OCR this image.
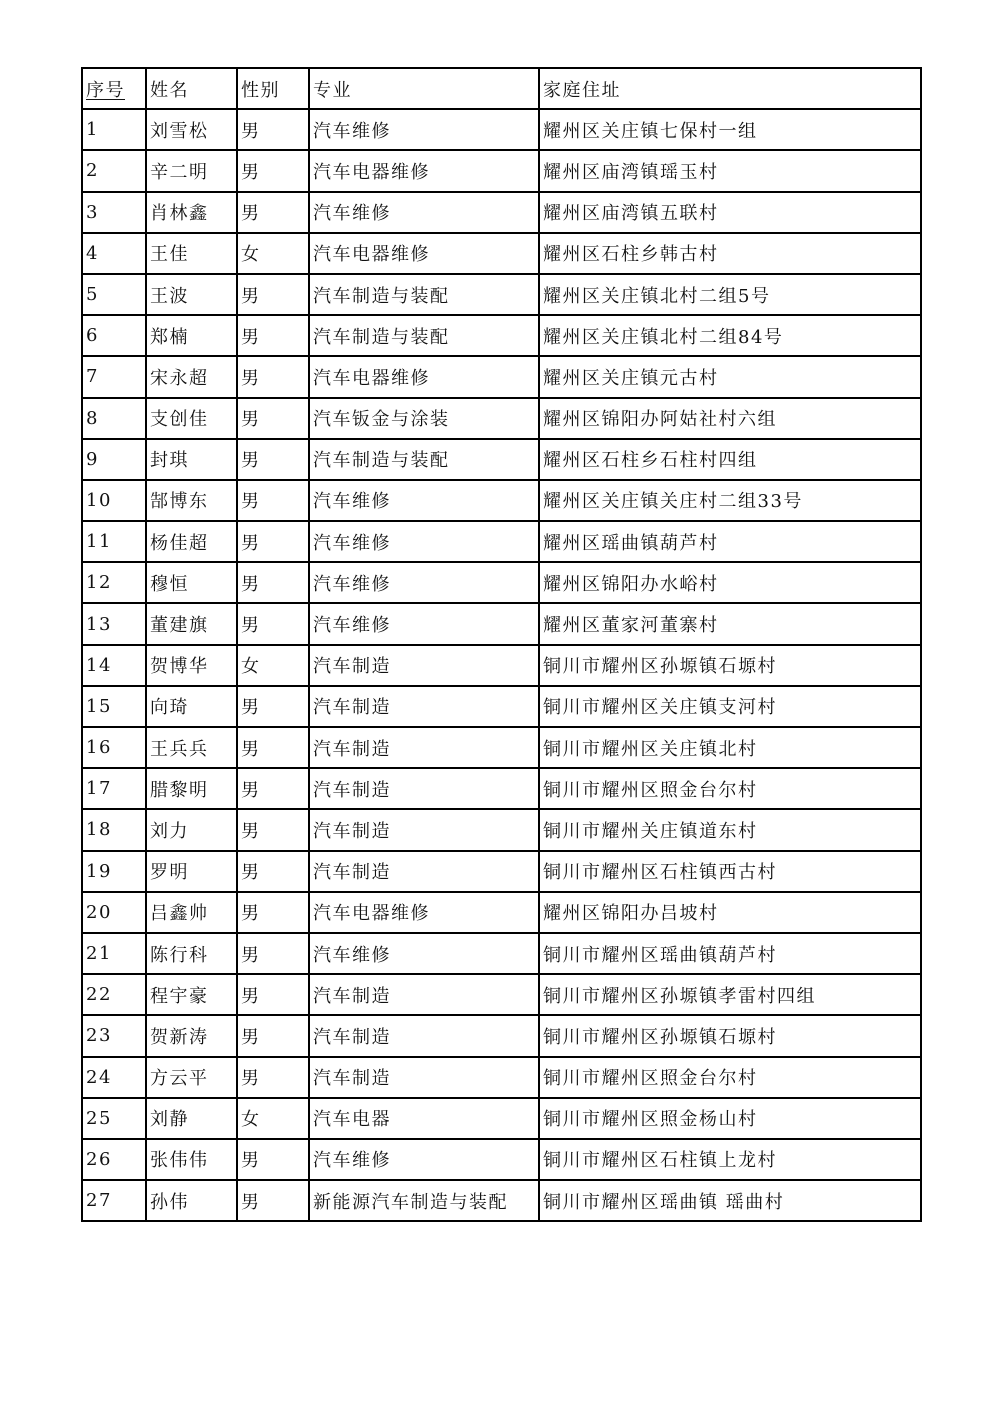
序号	姓名	性别	专业	家庭住址
1	刘雪松	男	汽车维修	耀州区关庄镇七保村一组
2	辛二明	男	汽车电器维修	耀州区庙湾镇瑶玉村
3	肖林鑫	男	汽车维修	耀州区庙湾镇五联村
4	王佳	女	汽车电器维修	耀州区石柱乡韩古村
5	王波	男	汽车制造与装配	耀州区关庄镇北村二组5号
6	郑楠	男	汽车制造与装配	耀州区关庄镇北村二组84号
7	宋永超	男	汽车电器维修	耀州区关庄镇元古村
8	支创佳	男	汽车钣金与涂装	耀州区锦阳办阿姑社村六组
9	封琪	男	汽车制造与装配	耀州区石柱乡石柱村四组
10	郜博东	男	汽车维修	耀州区关庄镇关庄村二组33号
11	杨佳超	男	汽车维修	耀州区瑶曲镇葫芦村
12	穆恒	男	汽车维修	耀州区锦阳办水峪村
13	董建旗	男	汽车维修	耀州区董家河董寨村
14	贺博华	女	汽车制造	铜川市耀州区孙塬镇石塬村
15	向琦	男	汽车制造	铜川市耀州区关庄镇支河村
16	王兵兵	男	汽车制造	铜川市耀州区关庄镇北村
17	腊黎明	男	汽车制造	铜川市耀州区照金台尔村
18	刘力	男	汽车制造	铜川市耀州关庄镇道东村
19	罗明	男	汽车制造	铜川市耀州区石柱镇西古村
20	吕鑫帅	男	汽车电器维修	耀州区锦阳办吕坡村
21	陈行科	男	汽车维修	铜川市耀州区瑶曲镇葫芦村
22	程宇豪	男	汽车制造	铜川市耀州区孙塬镇孝雷村四组
23	贺新涛	男	汽车制造	铜川市耀州区孙塬镇石塬村
24	方云平	男	汽车制造	铜川市耀州区照金台尔村
25	刘静	女	汽车电器	铜川市耀州区照金杨山村
26	张伟伟	男	汽车维修	铜川市耀州区石柱镇上龙村
27	孙伟	男	新能源汽车制造与装配	铜川市耀州区瑶曲镇 瑶曲村
